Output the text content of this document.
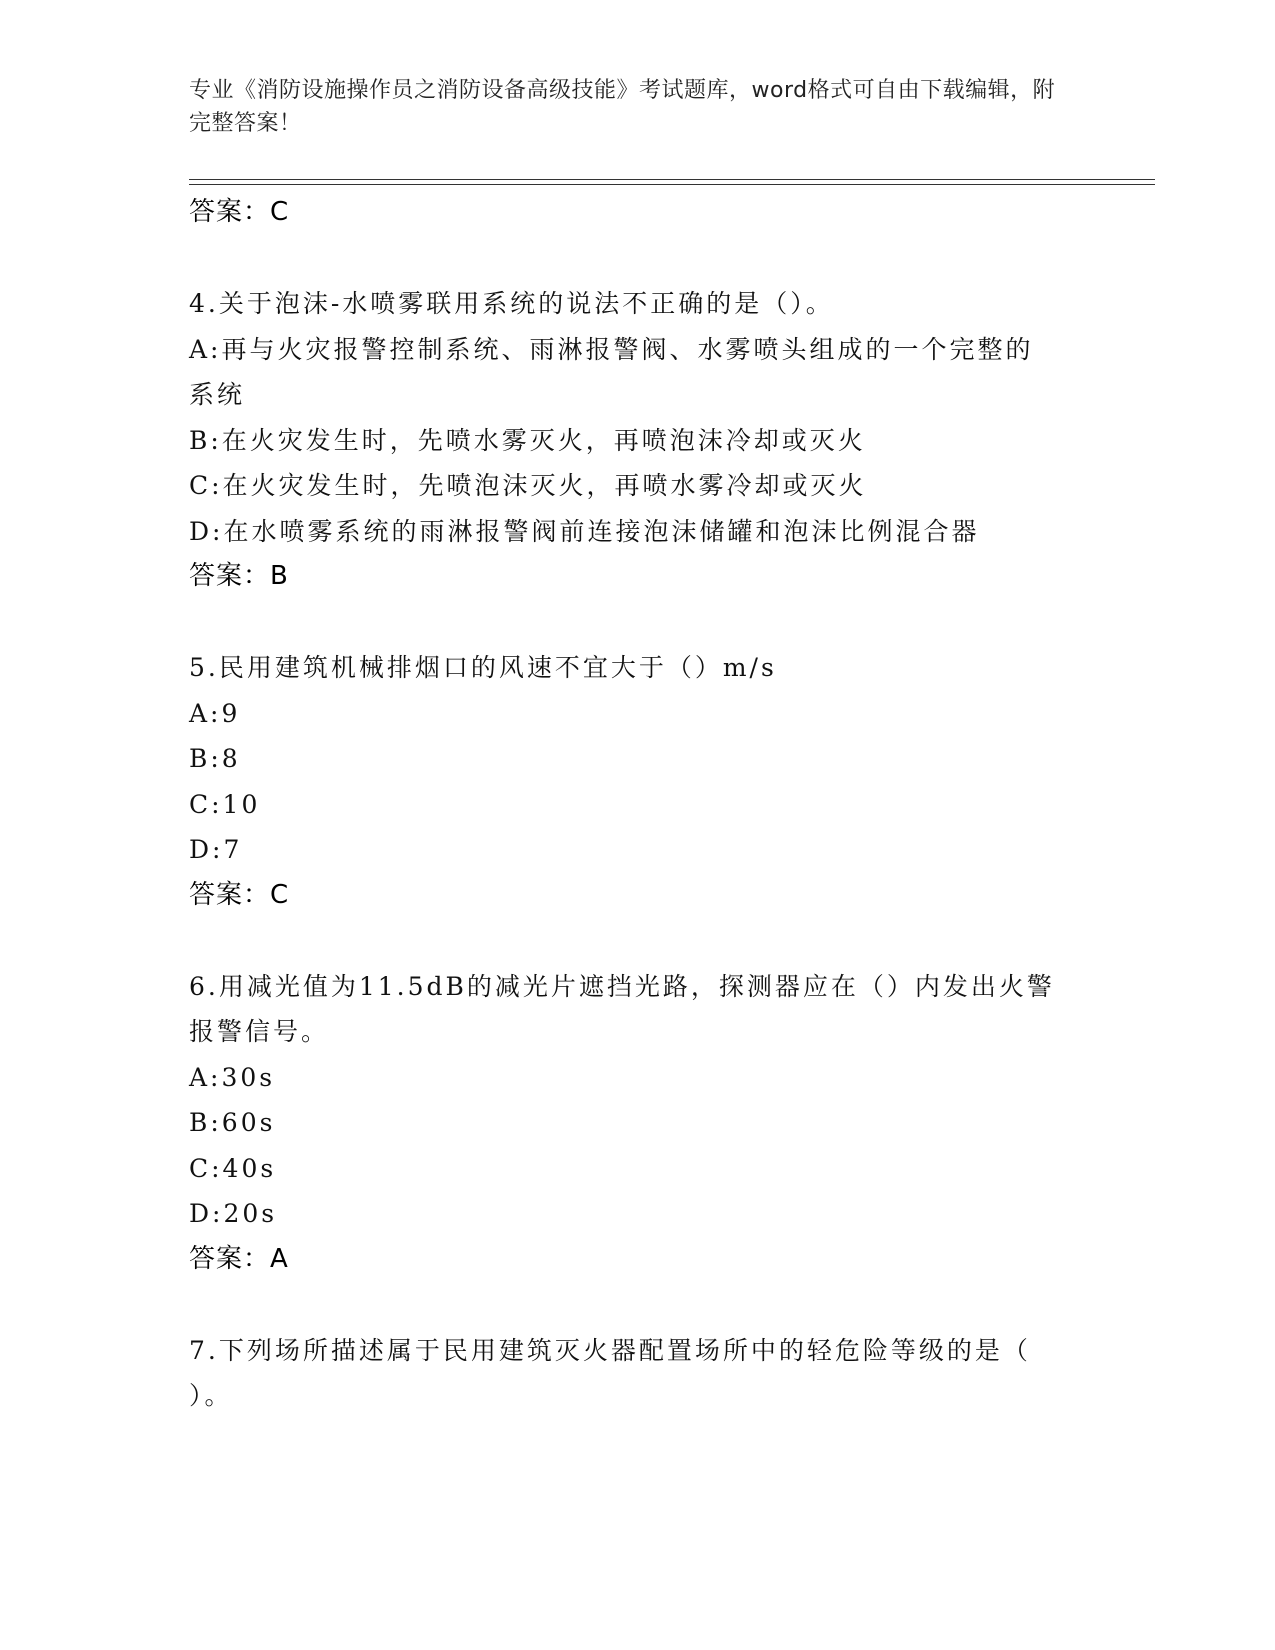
专业《消防设施操作员之消防设备高级技能》考试题库，word格式可自由下载编辑，附完整答案！
答案：C
4.关于泡沫-水喷雾联用系统的说法不正确的是（）。
A:再与火灾报警控制系统、雨淋报警阀、水雾喷头组成的一个完整的
系统
B:在火灾发生时，先喷水雾灭火，再喷泡沫冷却或灭火
C:在火灾发生时，先喷泡沫灭火，再喷水雾冷却或灭火
D:在水喷雾系统的雨淋报警阀前连接泡沫储罐和泡沫比例混合器
答案：B
5.民用建筑机械排烟口的风速不宜大于（）m/s
A:9
B:8
C:10
D:7
答案：C
6.用减光值为11.5dB的减光片遮挡光路，探测器应在（）内发出火警
报警信号。
A:30s
B:60s
C:40s
D:20s
答案：A
7.下列场所描述属于民用建筑灭火器配置场所中的轻危险等级的是（
）。
